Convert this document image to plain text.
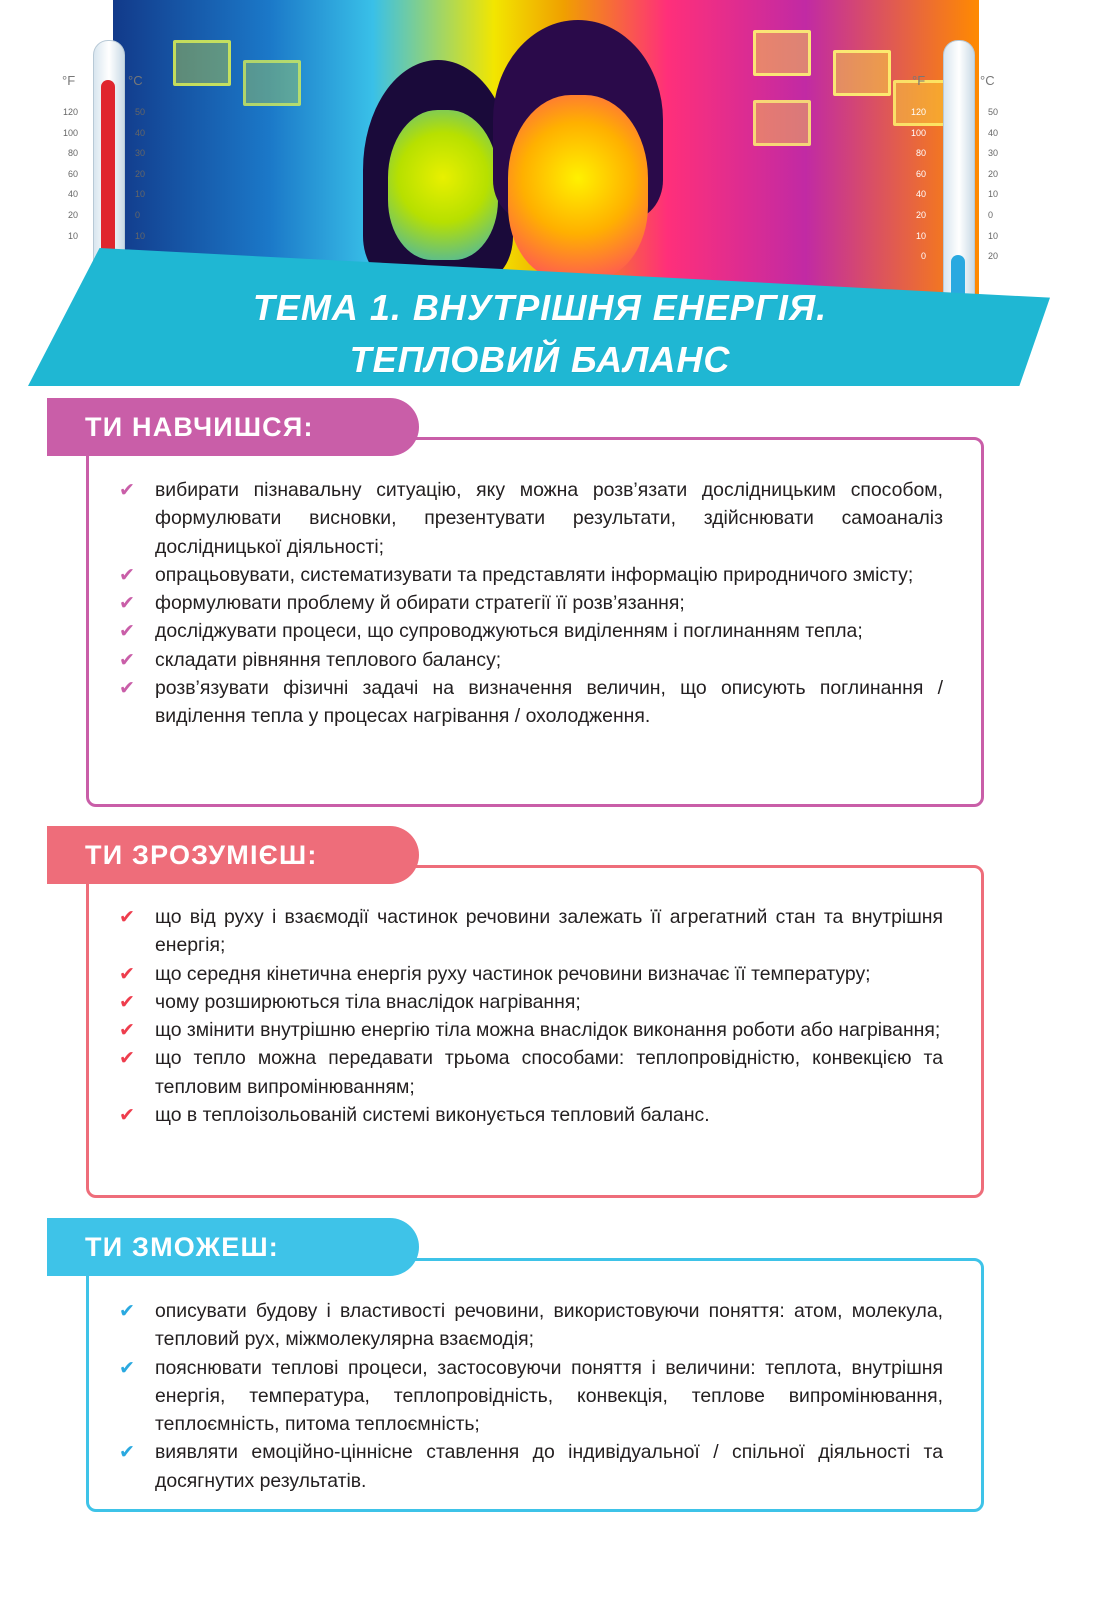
°F	°C
120
100
80
60
40
20
10
50
40
30
20
10
0
10
°F	°C
120
100
80
60
40
20
10
0
50
40
30
20
10
0
10
20
ТЕМА 1. ВНУТРІШНЯ ЕНЕРГІЯ.
ТЕПЛОВИЙ БАЛАНС
✔ вибирати пізнавальну ситуацію, яку можна розв’язати дослідницьким способом, формулювати висновки, презентувати результати, здійснювати самоаналіз дослідницької діяльності;
✔ опрацьовувати, систематизувати та представляти інформацію природничого змісту;
✔ формулювати проблему й обирати стратегії її розв’язання;
✔ досліджувати процеси, що супроводжуються виділенням і поглинанням тепла;
✔ складати рівняння теплового балансу;
✔ розв’язувати фізичні задачі на визначення величин, що описують поглинання / виділення тепла у процесах нагрівання / охолодження.
ТИ НАВЧИШСЯ:
✔ що від руху і взаємодії частинок речовини залежать її агрегатний стан та внутрішня енергія;
✔ що середня кінетична енергія руху частинок речовини визначає її температуру;
✔ чому розширюються тіла внаслідок нагрівання;
✔ що змінити внутрішню енергію тіла можна внаслідок виконання роботи або нагрівання;
✔ що тепло можна передавати трьома способами: теплопровідністю, конвекцією та тепловим випромінюванням;
✔ що в теплоізольованій системі виконується тепловий баланс.
ТИ ЗРОЗУМІЄШ:
✔ описувати будову і властивості речовини, використовуючи поняття: атом, молекула, тепловий рух, міжмолекулярна взаємодія;
✔ пояснювати теплові процеси, застосовуючи поняття і величини: теплота, внутрішня енергія, температура, теплопровідність, конвекція, теплове випромінювання, теплоємність, питома теплоємність;
✔ виявляти емоційно-ціннісне ставлення до індивідуальної / спільної діяльності та досягнутих результатів.
ТИ ЗМОЖЕШ:
